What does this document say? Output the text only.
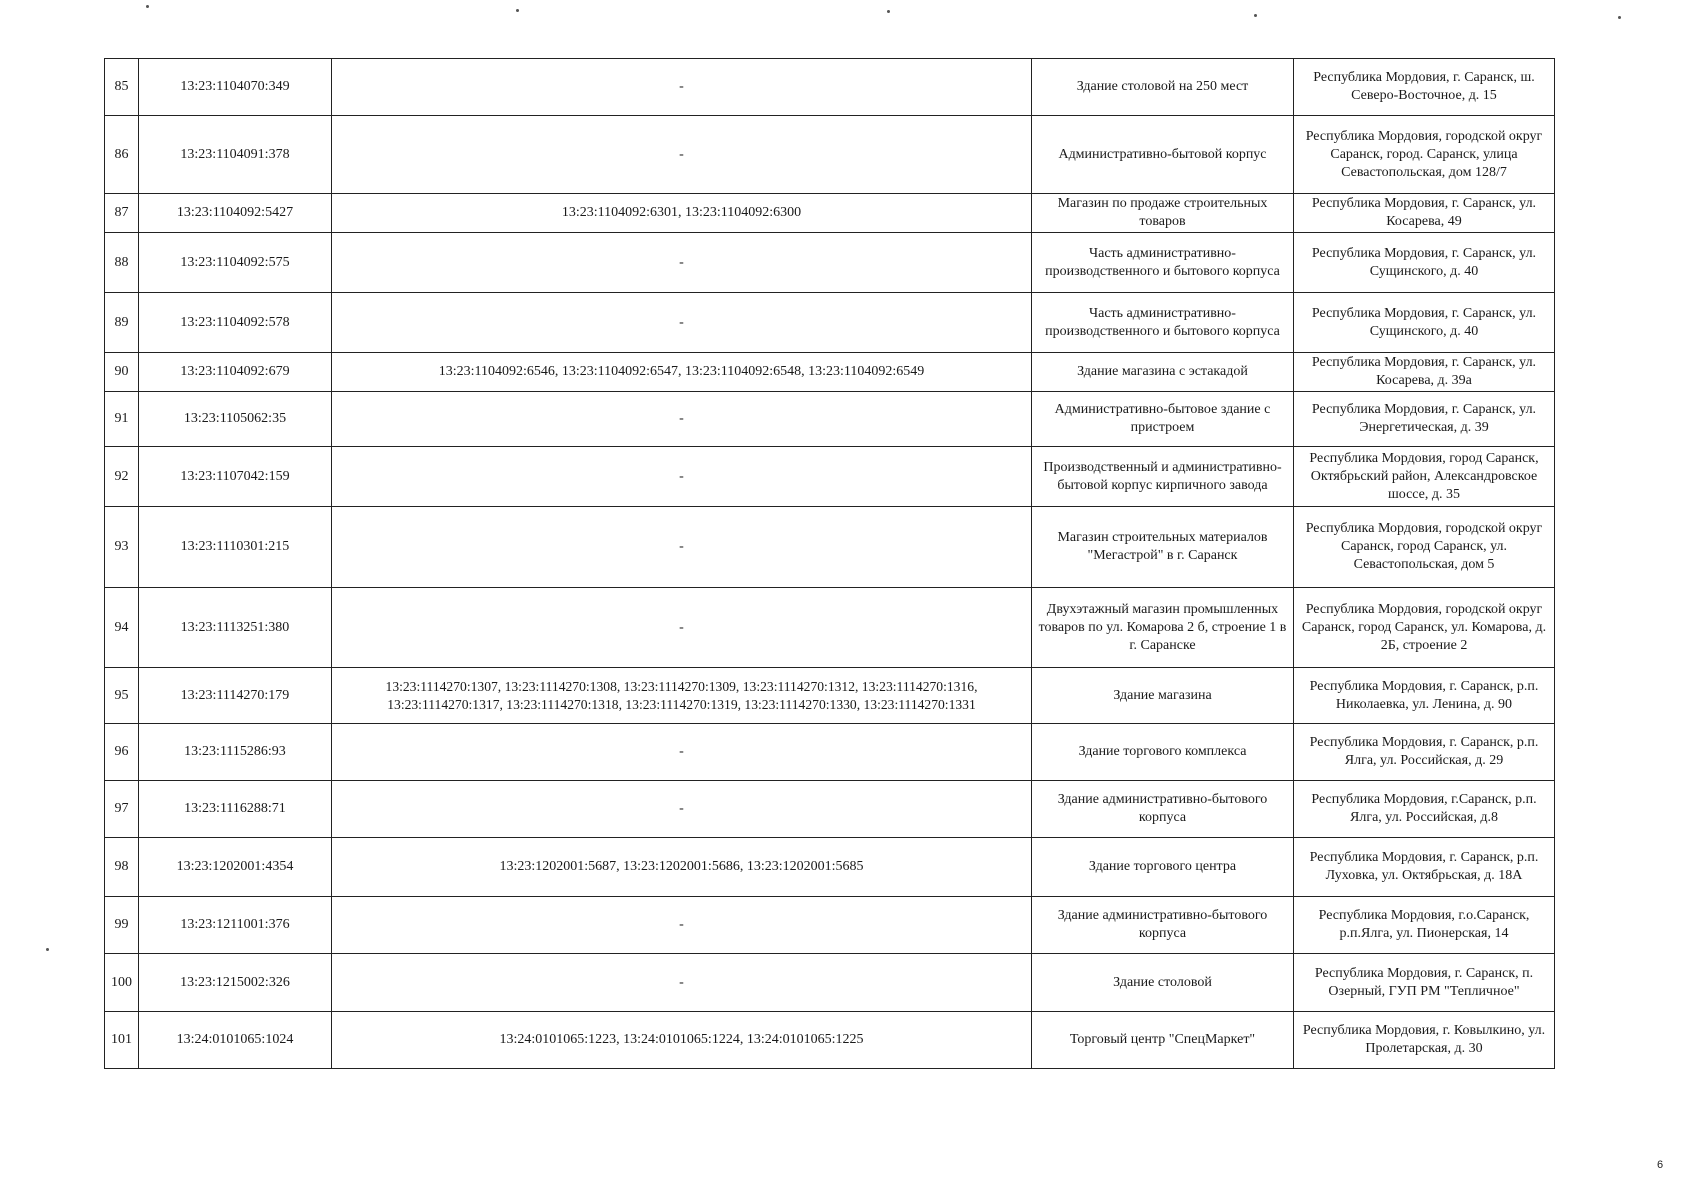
85	13:23:1104070:349	-	Здание столовой на 250 мест	Республика Мордовия, г. Саранск, ш. Северо-Восточное, д. 15
86	13:23:1104091:378	-	Административно-бытовой корпус	Республика Мордовия, городской округ Саранск, город. Саранск, улица Севастопольская, дом 128/7
87	13:23:1104092:5427	13:23:1104092:6301, 13:23:1104092:6300	Магазин по продаже строительных товаров	Республика Мордовия, г. Саранск, ул. Косарева, 49
88	13:23:1104092:575	-	Часть административно-производственного и бытового корпуса	Республика Мордовия, г. Саранск, ул. Сущинского, д. 40
89	13:23:1104092:578	-	Часть административно-производственного и бытового корпуса	Республика Мордовия, г. Саранск, ул. Сущинского, д. 40
90	13:23:1104092:679	13:23:1104092:6546, 13:23:1104092:6547, 13:23:1104092:6548, 13:23:1104092:6549	Здание магазина с эстакадой	Республика Мордовия, г. Саранск, ул. Косарева, д. 39а
91	13:23:1105062:35	-	Административно-бытовое здание с пристроем	Республика Мордовия, г. Саранск, ул. Энергетическая, д. 39
92	13:23:1107042:159	-	Производственный и административно-бытовой корпус кирпичного завода	Республика Мордовия, город Саранск, Октябрьский район, Александровское шоссе, д. 35
93	13:23:1110301:215	-	Магазин строительных материалов "Мегастрой" в г. Саранск	Республика Мордовия, городской округ Саранск, город Саранск, ул. Севастопольская, дом 5
94	13:23:1113251:380	-	Двухэтажный магазин промышленных товаров по ул. Комарова 2 б, строение 1 в г. Саранске	Республика Мордовия, городской округ Саранск, город Саранск, ул. Комарова, д. 2Б, строение 2
95	13:23:1114270:179	13:23:1114270:1307, 13:23:1114270:1308, 13:23:1114270:1309, 13:23:1114270:1312, 13:23:1114270:1316, 13:23:1114270:1317, 13:23:1114270:1318, 13:23:1114270:1319, 13:23:1114270:1330, 13:23:1114270:1331	Здание магазина	Республика Мордовия, г. Саранск, р.п. Николаевка, ул. Ленина, д. 90
96	13:23:1115286:93	-	Здание торгового комплекса	Республика Мордовия, г. Саранск, р.п. Ялга, ул. Российская, д. 29
97	13:23:1116288:71	-	Здание административно-бытового корпуса	Республика Мордовия, г.Саранск, р.п. Ялга, ул. Российская, д.8
98	13:23:1202001:4354	13:23:1202001:5687, 13:23:1202001:5686, 13:23:1202001:5685	Здание торгового центра	Республика Мордовия, г. Саранск, р.п. Луховка, ул. Октябрьская, д. 18А
99	13:23:1211001:376	-	Здание административно-бытового корпуса	Республика Мордовия, г.о.Саранск, р.п.Ялга, ул. Пионерская, 14
100	13:23:1215002:326	-	Здание столовой	Республика Мордовия, г. Саранск, п. Озерный, ГУП РМ "Тепличное"
101	13:24:0101065:1024	13:24:0101065:1223, 13:24:0101065:1224, 13:24:0101065:1225	Торговый центр "СпецМаркет"	Республика Мордовия, г. Ковылкино, ул. Пролетарская, д. 30
6
